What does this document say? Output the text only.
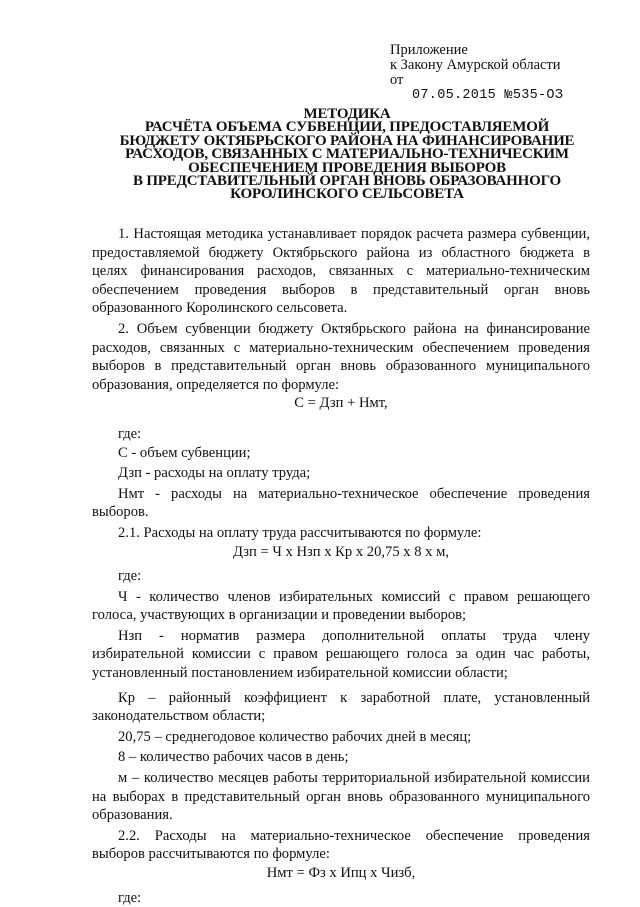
Приложение
к Закону Амурской области
от
07.05.2015 №535-ОЗ
МЕТОДИКА
РАСЧЁТА ОБЪЕМА СУБВЕНЦИИ, ПРЕДОСТАВЛЯЕМОЙ
БЮДЖЕТУ ОКТЯБРЬСКОГО РАЙОНА НА ФИНАНСИРОВАНИЕ
РАСХОДОВ, СВЯЗАННЫХ С МАТЕРИАЛЬНО-ТЕХНИЧЕСКИМ
ОБЕСПЕЧЕНИЕМ ПРОВЕДЕНИЯ ВЫБОРОВ
В ПРЕДСТАВИТЕЛЬНЫЙ ОРГАН ВНОВЬ ОБРАЗОВАННОГО
КОРОЛИНСКОГО СЕЛЬСОВЕТА

1. Настоящая методика устанавливает порядок расчета размера субвенции, предоставляемой бюджету Октябрьского района из областного бюджета в целях финансирования расходов, связанных с материально-техническим обеспечением проведения выборов в представительный орган вновь образованного Королинского сельсовета.

2. Объем субвенции бюджету Октябрьского района на финансирование расходов, связанных с материально-техническим обеспечением проведения выборов в представительный орган вновь образованного муниципального образования, определяется по формуле:

С = Дзп + Нмт,

где:

С - объем субвенции;

Дзп - расходы на оплату труда;

Нмт - расходы на материально-техническое обеспечение проведения выборов.

2.1. Расходы на оплату труда рассчитываются по формуле:

Дзп = Ч х Нзп х Кр х 20,75 х 8 х м,

где:

Ч - количество членов избирательных комиссий с правом решающего голоса, участвующих в организации и проведении выборов;

Нзп - норматив размера дополнительной оплаты труда члену избирательной комиссии с правом решающего голоса за один час работы, установленный постановлением избирательной комиссии области;

Кр – районный коэффициент к заработной плате, установленный законодательством области;

20,75 – среднегодовое количество рабочих дней в месяц;

8 – количество рабочих часов в день;

м – количество месяцев работы территориальной избирательной комиссии на выборах в представительный орган вновь образованного муниципального образования.

2.2. Расходы на материально-техническое обеспечение проведения выборов рассчитываются по формуле:

Нмт = Фз х Ипц х Чизб,

где:
